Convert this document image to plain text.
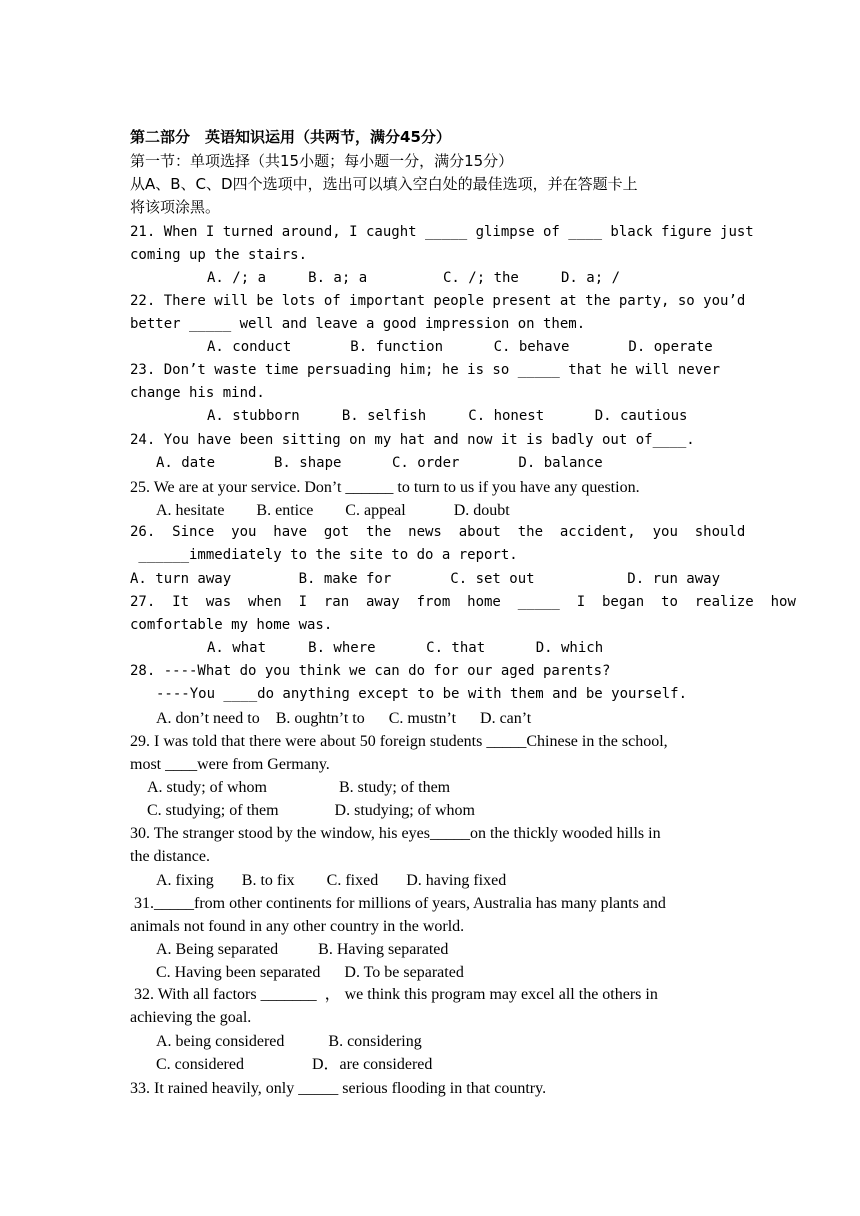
第二部分　英语知识运用（共两节，满分45分）
第一节：单项选择（共15小题；每小题一分，满分15分）
从A、B、C、D四个选项中，选出可以填入空白处的最佳选项，并在答题卡上
将该项涂黑。
21. When I turned around, I caught _____ glimpse of ____ black figure just
coming up the stairs.
A. /; a     B. a; a         C. /; the     D. a; /
22. There will be lots of important people present at the party, so you’d
better _____ well and leave a good impression on them.
A. conduct       B. function      C. behave       D. operate
23. Don’t waste time persuading him; he is so _____ that he will never
change his mind.
A. stubborn     B. selfish     C. honest      D. cautious
24. You have been sitting on my hat and now it is badly out of____.
A. date       B. shape      C. order       D. balance
25. We are at your service. Don’t ______ to turn to us if you have any question.
A. hesitate        B. entice        C. appeal            D. doubt
26.  Since  you  have  got  the  news  about  the  accident,  you  should
______immediately to the site to do a report.
A. turn away        B. make for       C. set out           D. run away
27.  It  was  when  I  ran  away  from  home  _____  I  began  to  realize  how
comfortable my home was.
A. what     B. where      C. that      D. which
28. ----What do you think we can do for our aged parents?
----You ____do anything except to be with them and be yourself.
A. don’t need to    B. oughtn’t to      C. mustn’t      D. can’t
29. I was told that there were about 50 foreign students _____Chinese in the school,
most ____were from Germany.
A. study; of whom                  B. study; of them
C. studying; of them              D. studying; of whom
30. The stranger stood by the window, his eyes_____on the thickly wooded hills in
the distance.
A. fixing       B. to fix        C. fixed       D. having fixed
31._____from other continents for millions of years, Australia has many plants and
animals not found in any other country in the world.
A. Being separated          B. Having separated
C. Having been separated      D. To be separated
32. With all factors _______  ， we think this program may excel all the others in
achieving the goal.
A. being considered           B. considering
C. considered                 D．are considered
33. It rained heavily, only _____ serious flooding in that country.
